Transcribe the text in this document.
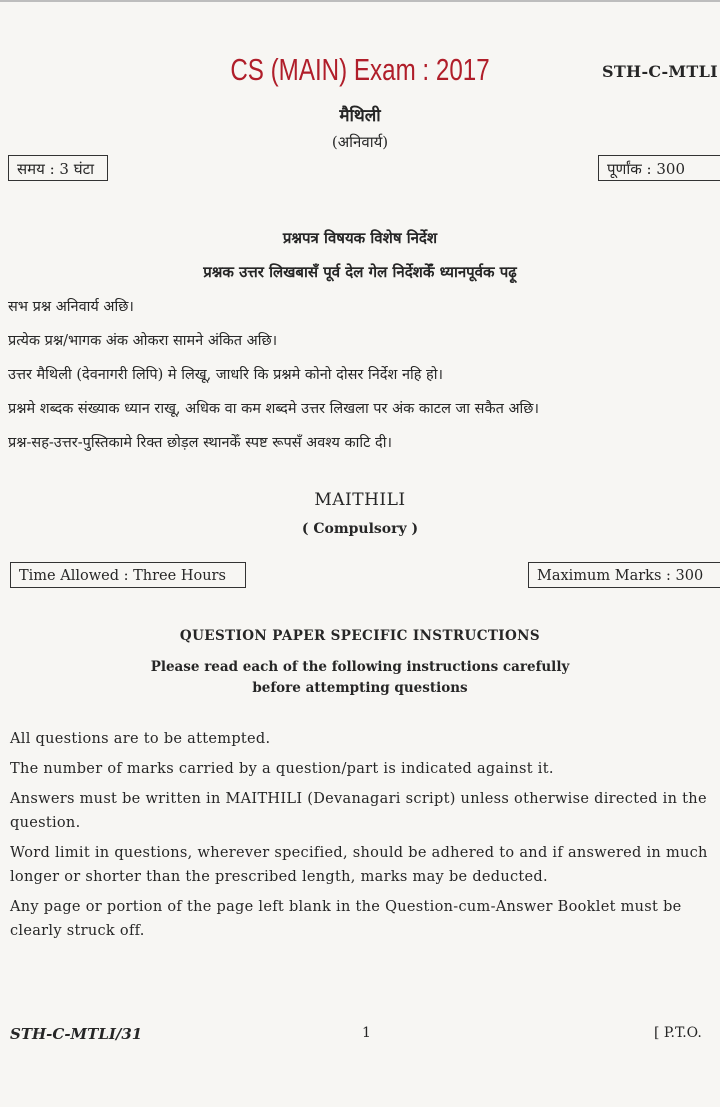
CS (MAIN) Exam : 2017	STH-C-MTLI
मैथिली
(अनिवार्य)
समय : 3 घंटा	पूर्णांक : 300
प्रश्नपत्र विषयक विशेष निर्देश
प्रश्नक उत्तर लिखबासँ पूर्व देल गेल निर्देशकेँ ध्यानपूर्वक पढ़ू
सभ प्रश्न अनिवार्य अछि।
प्रत्येक प्रश्न/भागक अंक ओकरा सामने अंकित अछि।
उत्तर मैथिली (देवनागरी लिपि) मे लिखू, जाधरि कि प्रश्नमे कोनो दोसर निर्देश नहि हो।
प्रश्नमे शब्दक संख्याक ध्यान राखू, अधिक वा कम शब्दमे उत्तर लिखला पर अंक काटल जा सकैत अछि।
प्रश्न-सह-उत्तर-पुस्तिकामे रिक्त छोड़ल स्थानकेँ स्पष्ट रूपसँ अवश्य काटि दी।
MAITHILI
( Compulsory )
Time Allowed : Three Hours	Maximum Marks : 300
QUESTION PAPER SPECIFIC INSTRUCTIONS
Please read each of the following instructions carefully
before attempting questions
All questions are to be attempted.
The number of marks carried by a question/part is indicated against it.
Answers must be written in MAITHILI (Devanagari script) unless otherwise directed in the
question.
Word limit in questions, wherever specified, should be adhered to and if answered in much
longer or shorter than the prescribed length, marks may be deducted.
Any page or portion of the page left blank in the Question-cum-Answer Booklet must be
clearly struck off.
STH-C-MTLI/31	1	[ P.T.O.
